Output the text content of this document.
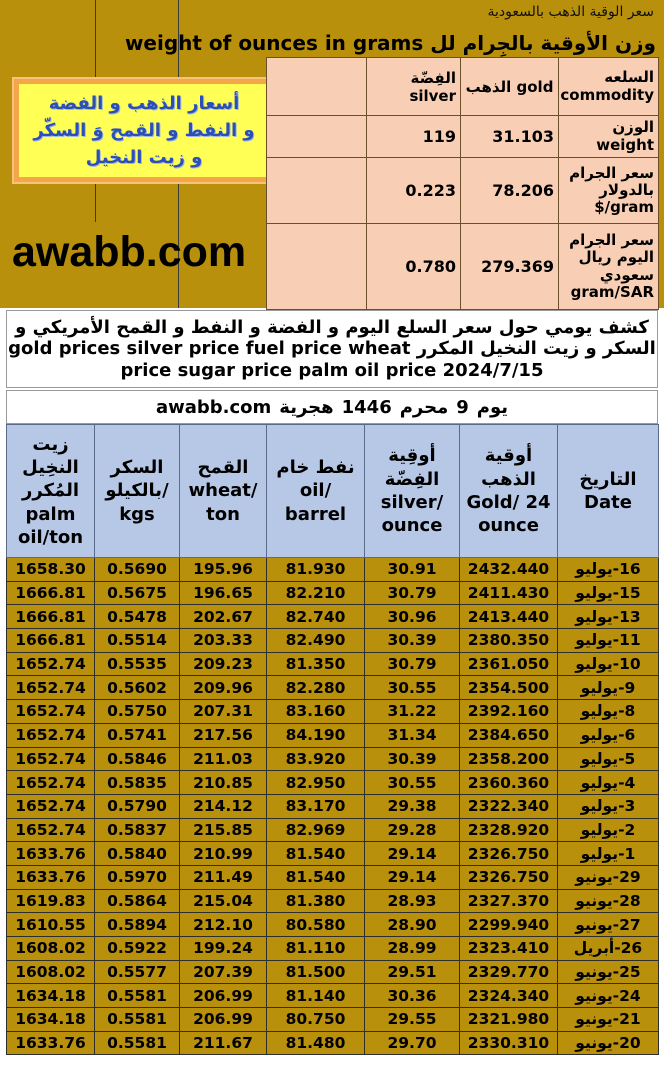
سعر الوقية الذهب بالسعودية
وزن الأوقية بالجِرام لل weight of ounces in grams
أسعار الذهب و الفضة
و النفط و القمح وَ السكّر
و زيت النخيل
awabb.com
	الفِضّة silver	الذهب gold	السلعه commodity
	119	31.103	الوزن weight
	0.223	78.206	سعر الجرام بالدولار gram/$
	0.780	279.369	سعر الجرام اليوم ريال سعودي gram/SAR
كشف يومي حول سعر السلع اليوم و الفضة و النفط و القمح الأمريكي و السكر و زيت النخيل المكرر gold prices silver price fuel price wheat price sugar price palm oil price 2024/7/15
يوم
9
محرم
1446
هجرية
awabb.com
زيت النخِيل المُكرر palm oil/ton	السكر بالكيلو/ kgs	القمح wheat/ ton	نفط خام oil/ barrel	أوقِية الفِضّة silver/ ounce	أوقية الذهب Gold/ 24 ounce	التاريخ Date
1658.30	0.5690	195.96	81.930	30.91	2432.440	16-يوليو
1666.81	0.5675	196.65	82.210	30.79	2411.430	15-يوليو
1666.81	0.5478	202.67	82.740	30.96	2413.440	13-يوليو
1666.81	0.5514	203.33	82.490	30.39	2380.350	11-يوليو
1652.74	0.5535	209.23	81.350	30.79	2361.050	10-يوليو
1652.74	0.5602	209.96	82.280	30.55	2354.500	9-يوليو
1652.74	0.5750	207.31	83.160	31.22	2392.160	8-يوليو
1652.74	0.5741	217.56	84.190	31.34	2384.650	6-يوليو
1652.74	0.5846	211.03	83.920	30.39	2358.200	5-يوليو
1652.74	0.5835	210.85	82.950	30.55	2360.360	4-يوليو
1652.74	0.5790	214.12	83.170	29.38	2322.340	3-يوليو
1652.74	0.5837	215.85	82.969	29.28	2328.920	2-يوليو
1633.76	0.5840	210.99	81.540	29.14	2326.750	1-يوليو
1633.76	0.5970	211.49	81.540	29.14	2326.750	29-يونيو
1619.83	0.5864	215.04	81.380	28.93	2327.370	28-يونيو
1610.55	0.5894	212.10	80.580	28.90	2299.940	27-يونيو
1608.02	0.5922	199.24	81.110	28.99	2323.410	26-أبريل
1608.02	0.5577	207.39	81.500	29.51	2329.770	25-يونيو
1634.18	0.5581	206.99	81.140	30.36	2324.340	24-يونيو
1634.18	0.5581	206.99	80.750	29.55	2321.980	21-يونيو
1633.76	0.5581	211.67	81.480	29.70	2330.310	20-يونيو
